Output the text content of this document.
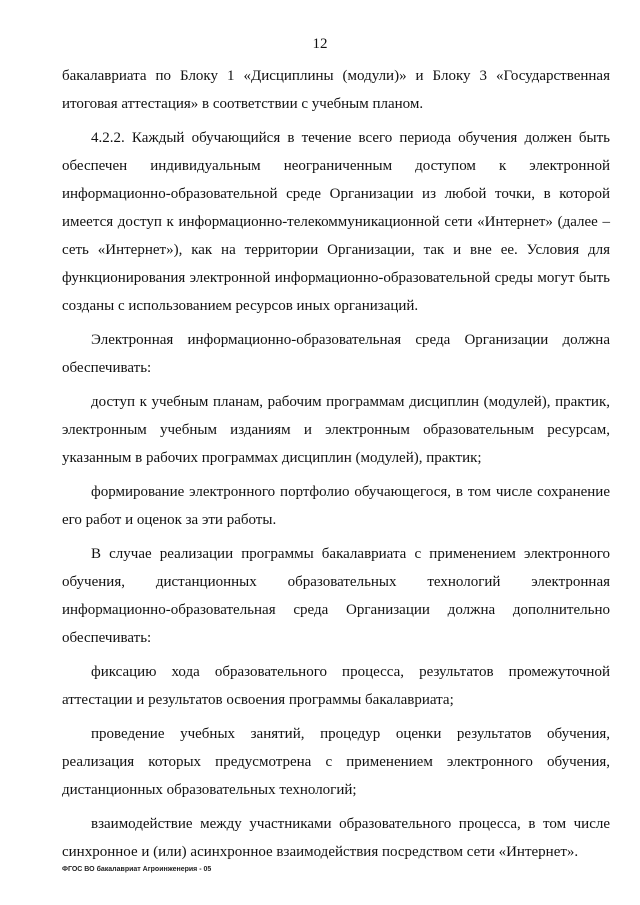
12

бакалавриата по Блоку 1 «Дисциплины (модули)» и Блоку 3 «Государственная итоговая аттестация» в соответствии с учебным планом.

4.2.2. Каждый обучающийся в течение всего периода обучения должен быть обеспечен индивидуальным неограниченным доступом к электронной информационно-образовательной среде Организации из любой точки, в которой имеется доступ к информационно-телекоммуникационной сети «Интернет» (далее – сеть «Интернет»), как на территории Организации, так и вне ее. Условия для функционирования электронной информационно-образовательной среды могут быть созданы с использованием ресурсов иных организаций.

Электронная информационно-образовательная среда Организации должна обеспечивать:

доступ к учебным планам, рабочим программам дисциплин (модулей), практик, электронным учебным изданиям и электронным образовательным ресурсам, указанным в рабочих программах дисциплин (модулей), практик;

формирование электронного портфолио обучающегося, в том числе сохранение его работ и оценок за эти работы.

В случае реализации программы бакалавриата с применением электронного обучения, дистанционных образовательных технологий электронная информационно-образовательная среда Организации должна дополнительно обеспечивать:

фиксацию хода образовательного процесса, результатов промежуточной аттестации и результатов освоения программы бакалавриата;

проведение учебных занятий, процедур оценки результатов обучения, реализация которых предусмотрена с применением электронного обучения, дистанционных образовательных технологий;

взаимодействие между участниками образовательного процесса, в том числе синхронное и (или) асинхронное взаимодействия посредством сети «Интернет».

ФГОС ВО бакалавриат Агроинженерия - 05
